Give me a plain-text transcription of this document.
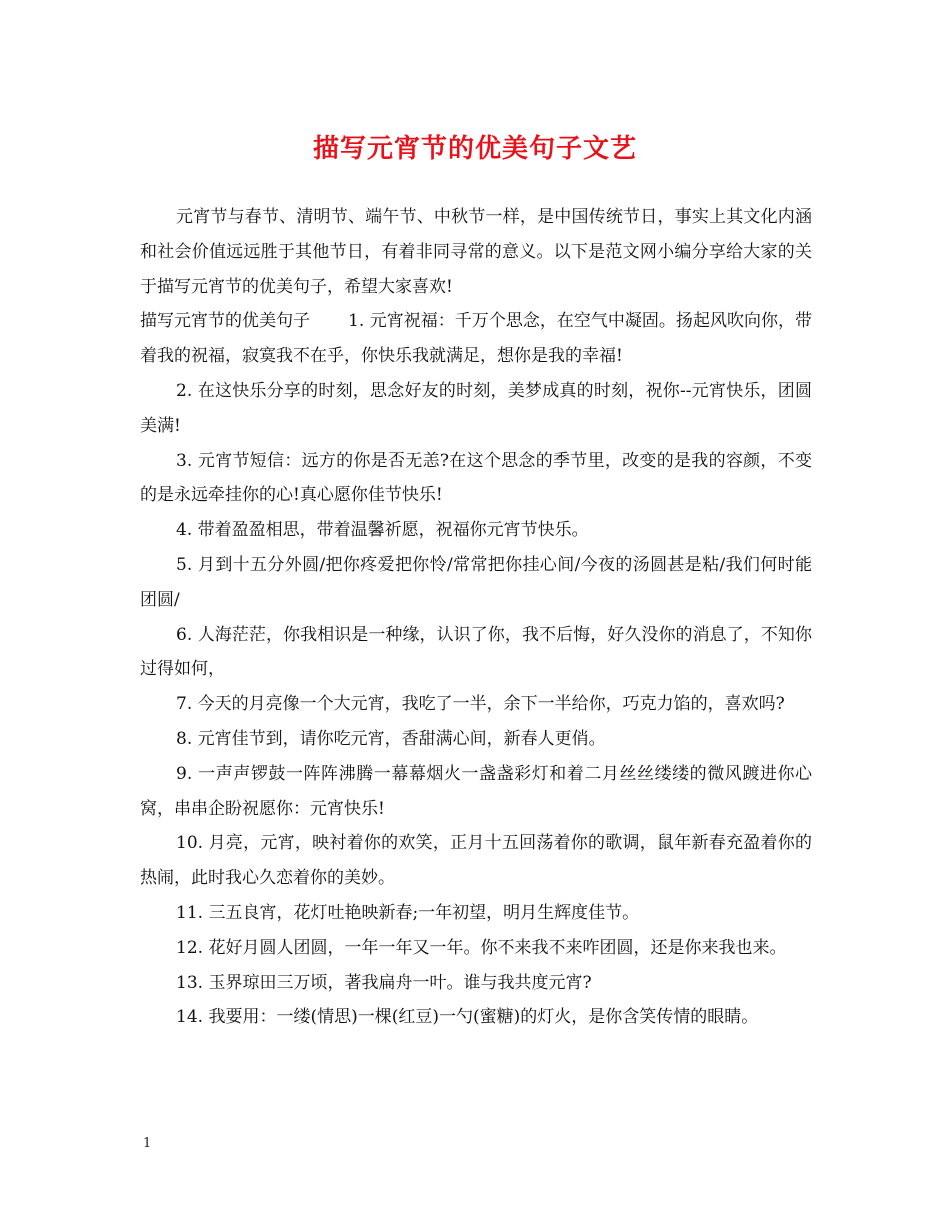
描写元宵节的优美句子文艺

元宵节与春节、清明节、端午节、中秋节一样，是中国传统节日，事实上其文化内涵和社会价值远远胜于其他节日，有着非同寻常的意义。以下是范文网小编分享给大家的关于描写元宵节的优美句子，希望大家喜欢!

描写元宵节的优美句子 1. 元宵祝福：千万个思念，在空气中凝固。扬起风吹向你，带着我的祝福，寂寞我不在乎，你快乐我就满足，想你是我的幸福!

2. 在这快乐分享的时刻，思念好友的时刻，美梦成真的时刻，祝你--元宵快乐，团圆美满!

3. 元宵节短信：远方的你是否无恙?在这个思念的季节里，改变的是我的容颜，不变的是永远牵挂你的心!真心愿你佳节快乐!

4. 带着盈盈相思，带着温馨祈愿，祝福你元宵节快乐。

5. 月到十五分外圆/把你疼爱把你怜/常常把你挂心间/今夜的汤圆甚是粘/我们何时能团圆/

6. 人海茫茫，你我相识是一种缘，认识了你，我不后悔，好久没你的消息了，不知你过得如何，

7. 今天的月亮像一个大元宵，我吃了一半，余下一半给你，巧克力馅的，喜欢吗?

8. 元宵佳节到，请你吃元宵，香甜满心间，新春人更俏。

9. 一声声锣鼓一阵阵沸腾一幕幕烟火一盏盏彩灯和着二月丝丝缕缕的微风踱进你心窝，串串企盼祝愿你：元宵快乐!

10. 月亮，元宵，映衬着你的欢笑，正月十五回荡着你的歌调，鼠年新春充盈着你的热闹，此时我心久恋着你的美妙。

11. 三五良宵，花灯吐艳映新春;一年初望，明月生辉度佳节。

12. 花好月圆人团圆，一年一年又一年。你不来我不来咋团圆，还是你来我也来。

13. 玉界琼田三万顷，著我扁舟一叶。谁与我共度元宵?

14. 我要用：一缕(情思)一棵(红豆)一勺(蜜糖)的灯火，是你含笑传情的眼睛。

1
